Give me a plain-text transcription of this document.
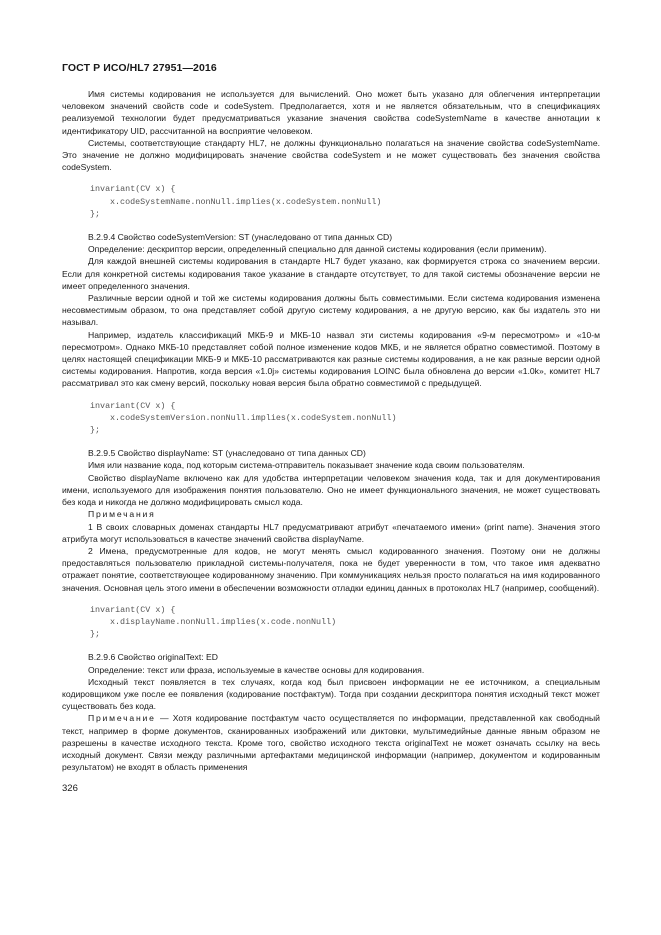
ГОСТ Р ИСО/HL7 27951—2016

Имя системы кодирования не используется для вычислений. Оно может быть указано для облегчения интерпретации человеком значений свойств code и codeSystem. Предполагается, хотя и не является обязательным, что в спецификациях реализуемой технологии будет предусматриваться указание значения свойства codeSystemName в качестве аннотации к идентификатору UID, рассчитанной на восприятие человеком.

Системы, соответствующие стандарту HL7, не должны функционально полагаться на значение свойства codeSystemName. Это значение не должно модифицировать значение свойства codeSystem и не может существовать без значения свойства codeSystem.

invariant(CV x) {
x.codeSystemName.nonNull.implies(x.codeSystem.nonNull)
};

В.2.9.4 Свойство codeSystemVersion: ST (унаследовано от типа данных CD)

Определение: дескриптор версии, определенный специально для данной системы кодирования (если применим).

Для каждой внешней системы кодирования в стандарте HL7 будет указано, как формируется строка со значением версии. Если для конкретной системы кодирования такое указание в стандарте отсутствует, то для такой системы обозначение версии не имеет определенного значения.

Различные версии одной и той же системы кодирования должны быть совместимыми. Если система кодирования изменена несовместимым образом, то она представляет собой другую систему кодирования, а не другую версию, как бы издатель это ни называл.

Например, издатель классификаций МКБ-9 и МКБ-10 назвал эти системы кодирования «9-м пересмотром» и «10-м пересмотром». Однако МКБ-10 представляет собой полное изменение кодов МКБ, и не является обратно совместимой. Поэтому в целях настоящей спецификации МКБ-9 и МКБ-10 рассматриваются как разные системы кодирования, а не как разные версии одной системы кодирования. Напротив, когда версия «1.0j» системы кодирования LOINC была обновлена до версии «1.0k», комитет HL7 рассматривал это как смену версий, поскольку новая версия была обратно совместимой с предыдущей.

invariant(CV x) {
x.codeSystemVersion.nonNull.implies(x.codeSystem.nonNull)
};

В.2.9.5 Свойство displayName: ST (унаследовано от типа данных CD)

Имя или название кода, под которым система-отправитель показывает значение кода своим пользователям.

Свойство displayName включено как для удобства интерпретации человеком значения кода, так и для документирования имени, используемого для изображения понятия пользователю. Оно не имеет функционального значения, не может существовать без кода и никогда не должно модифицировать смысл кода.

Примечания

1 В своих словарных доменах стандарты HL7 предусматривают атрибут «печатаемого имени» (print name). Значения этого атрибута могут использоваться в качестве значений свойства displayName.

2 Имена, предусмотренные для кодов, не могут менять смысл кодированного значения. Поэтому они не должны предоставляться пользователю прикладной системы-получателя, пока не будет уверенности в том, что такое имя адекватно отражает понятие, соответствующее кодированному значению. При коммуникациях нельзя просто полагаться на имя кодированного значения. Основная цель этого имени в обеспечении возможности отладки единиц данных в протоколах HL7 (например, сообщений).

invariant(CV x) {
x.displayName.nonNull.implies(x.code.nonNull)
};

В.2.9.6 Свойство originalText: ED

Определение: текст или фраза, используемые в качестве основы для кодирования.

Исходный текст появляется в тех случаях, когда код был присвоен информации не ее источником, а специальным кодировщиком уже после ее появления (кодирование постфактум). Тогда при создании дескриптора понятия исходный текст может существовать без кода.

Примечание — Хотя кодирование постфактум часто осуществляется по информации, представленной как свободный текст, например в форме документов, сканированных изображений или диктовки, мультимедийные данные явным образом не разрешены в качестве исходного текста. Кроме того, свойство исходного текста originalText не может означать ссылку на весь исходный документ. Связи между различными артефактами медицинской информации (например, документом и кодированным результатом) не входят в область применения

326
